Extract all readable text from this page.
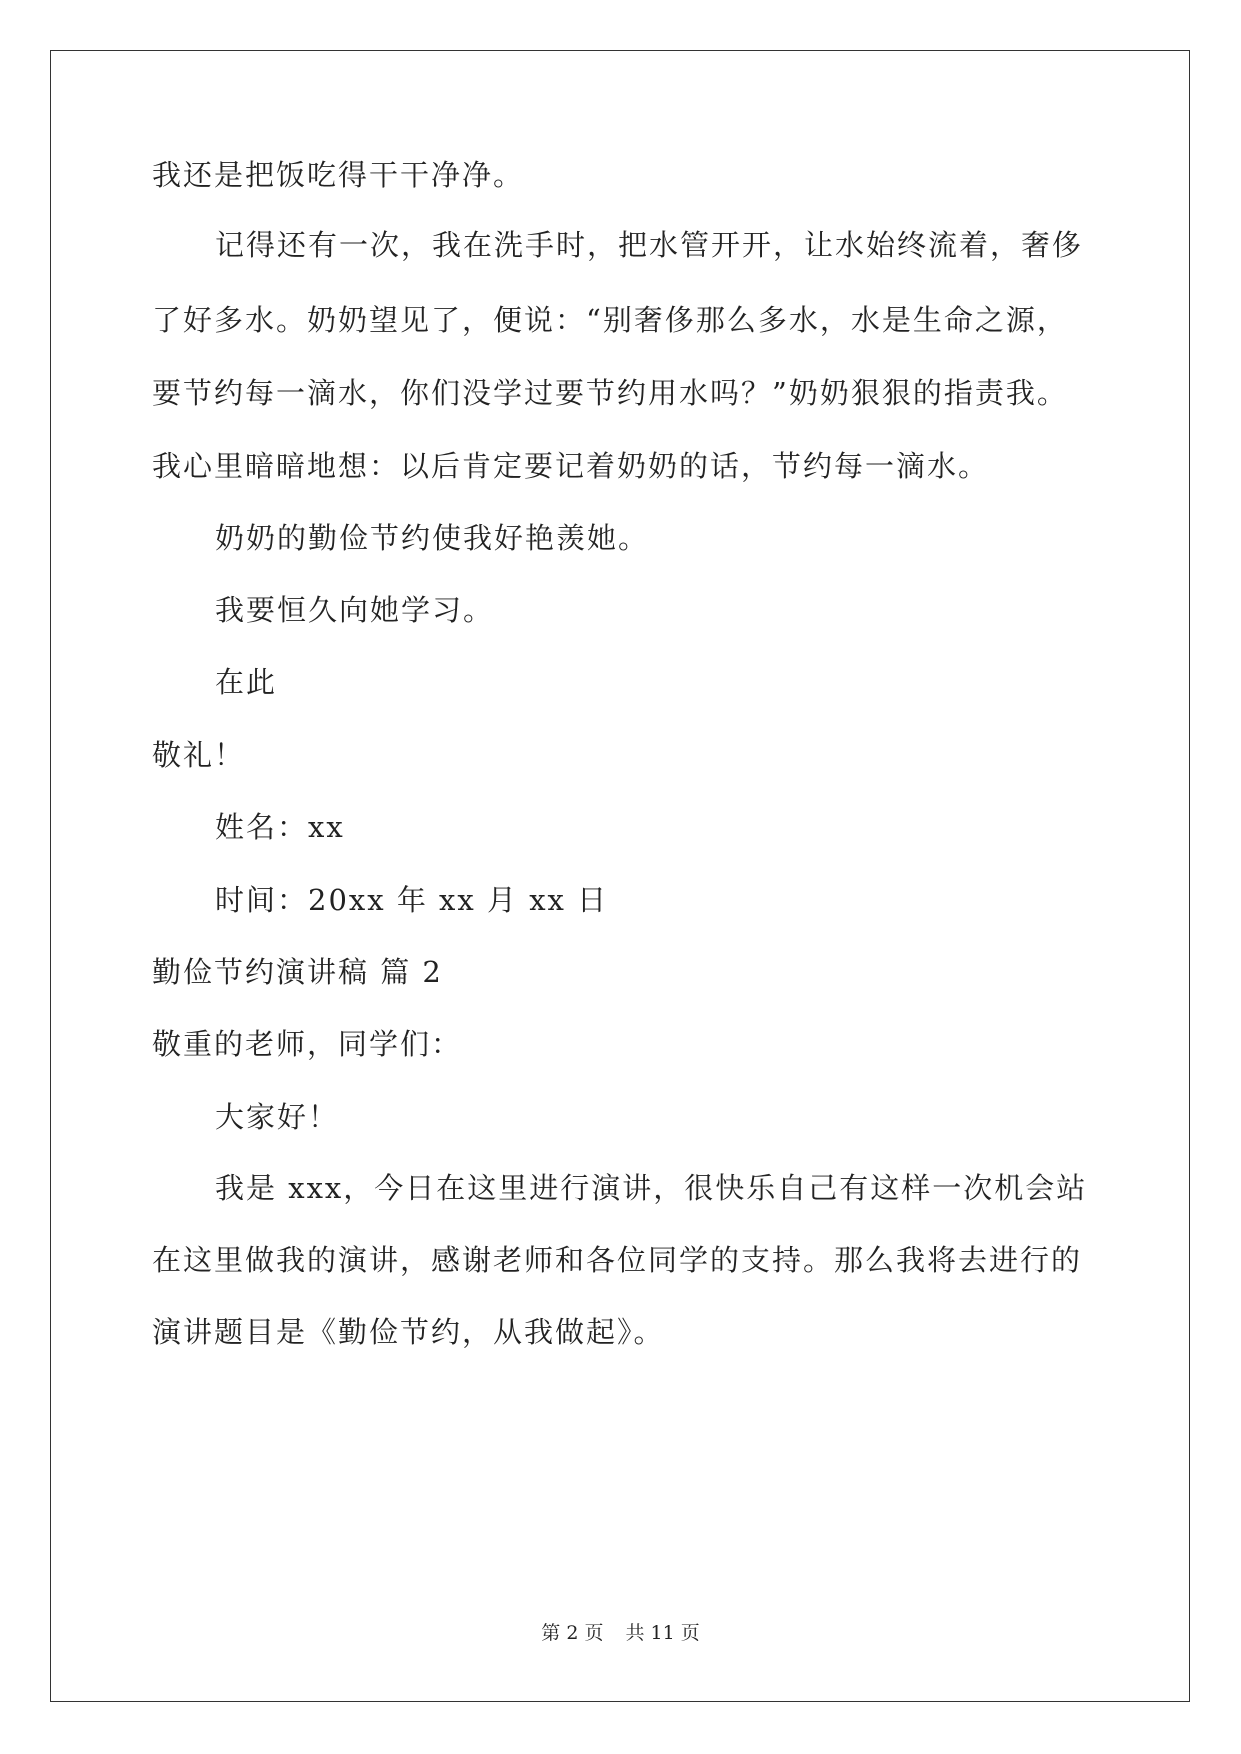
我还是把饭吃得干干净净。
记得还有一次，我在洗手时，把水管开开，让水始终流着，奢侈
了好多水。奶奶望见了，便说：“别奢侈那么多水，水是生命之源，
要节约每一滴水，你们没学过要节约用水吗？”奶奶狠狠的指责我。
我心里暗暗地想：以后肯定要记着奶奶的话，节约每一滴水。
奶奶的勤俭节约使我好艳羡她。
我要恒久向她学习。
在此
敬礼！
姓名：xx
时间：20xx 年 xx 月 xx 日
勤俭节约演讲稿 篇 2
敬重的老师，同学们：
大家好！
我是 xxx，今日在这里进行演讲，很快乐自己有这样一次机会站
在这里做我的演讲，感谢老师和各位同学的支持。那么我将去进行的
演讲题目是《勤俭节约，从我做起》。
第 2 页 共 11 页
